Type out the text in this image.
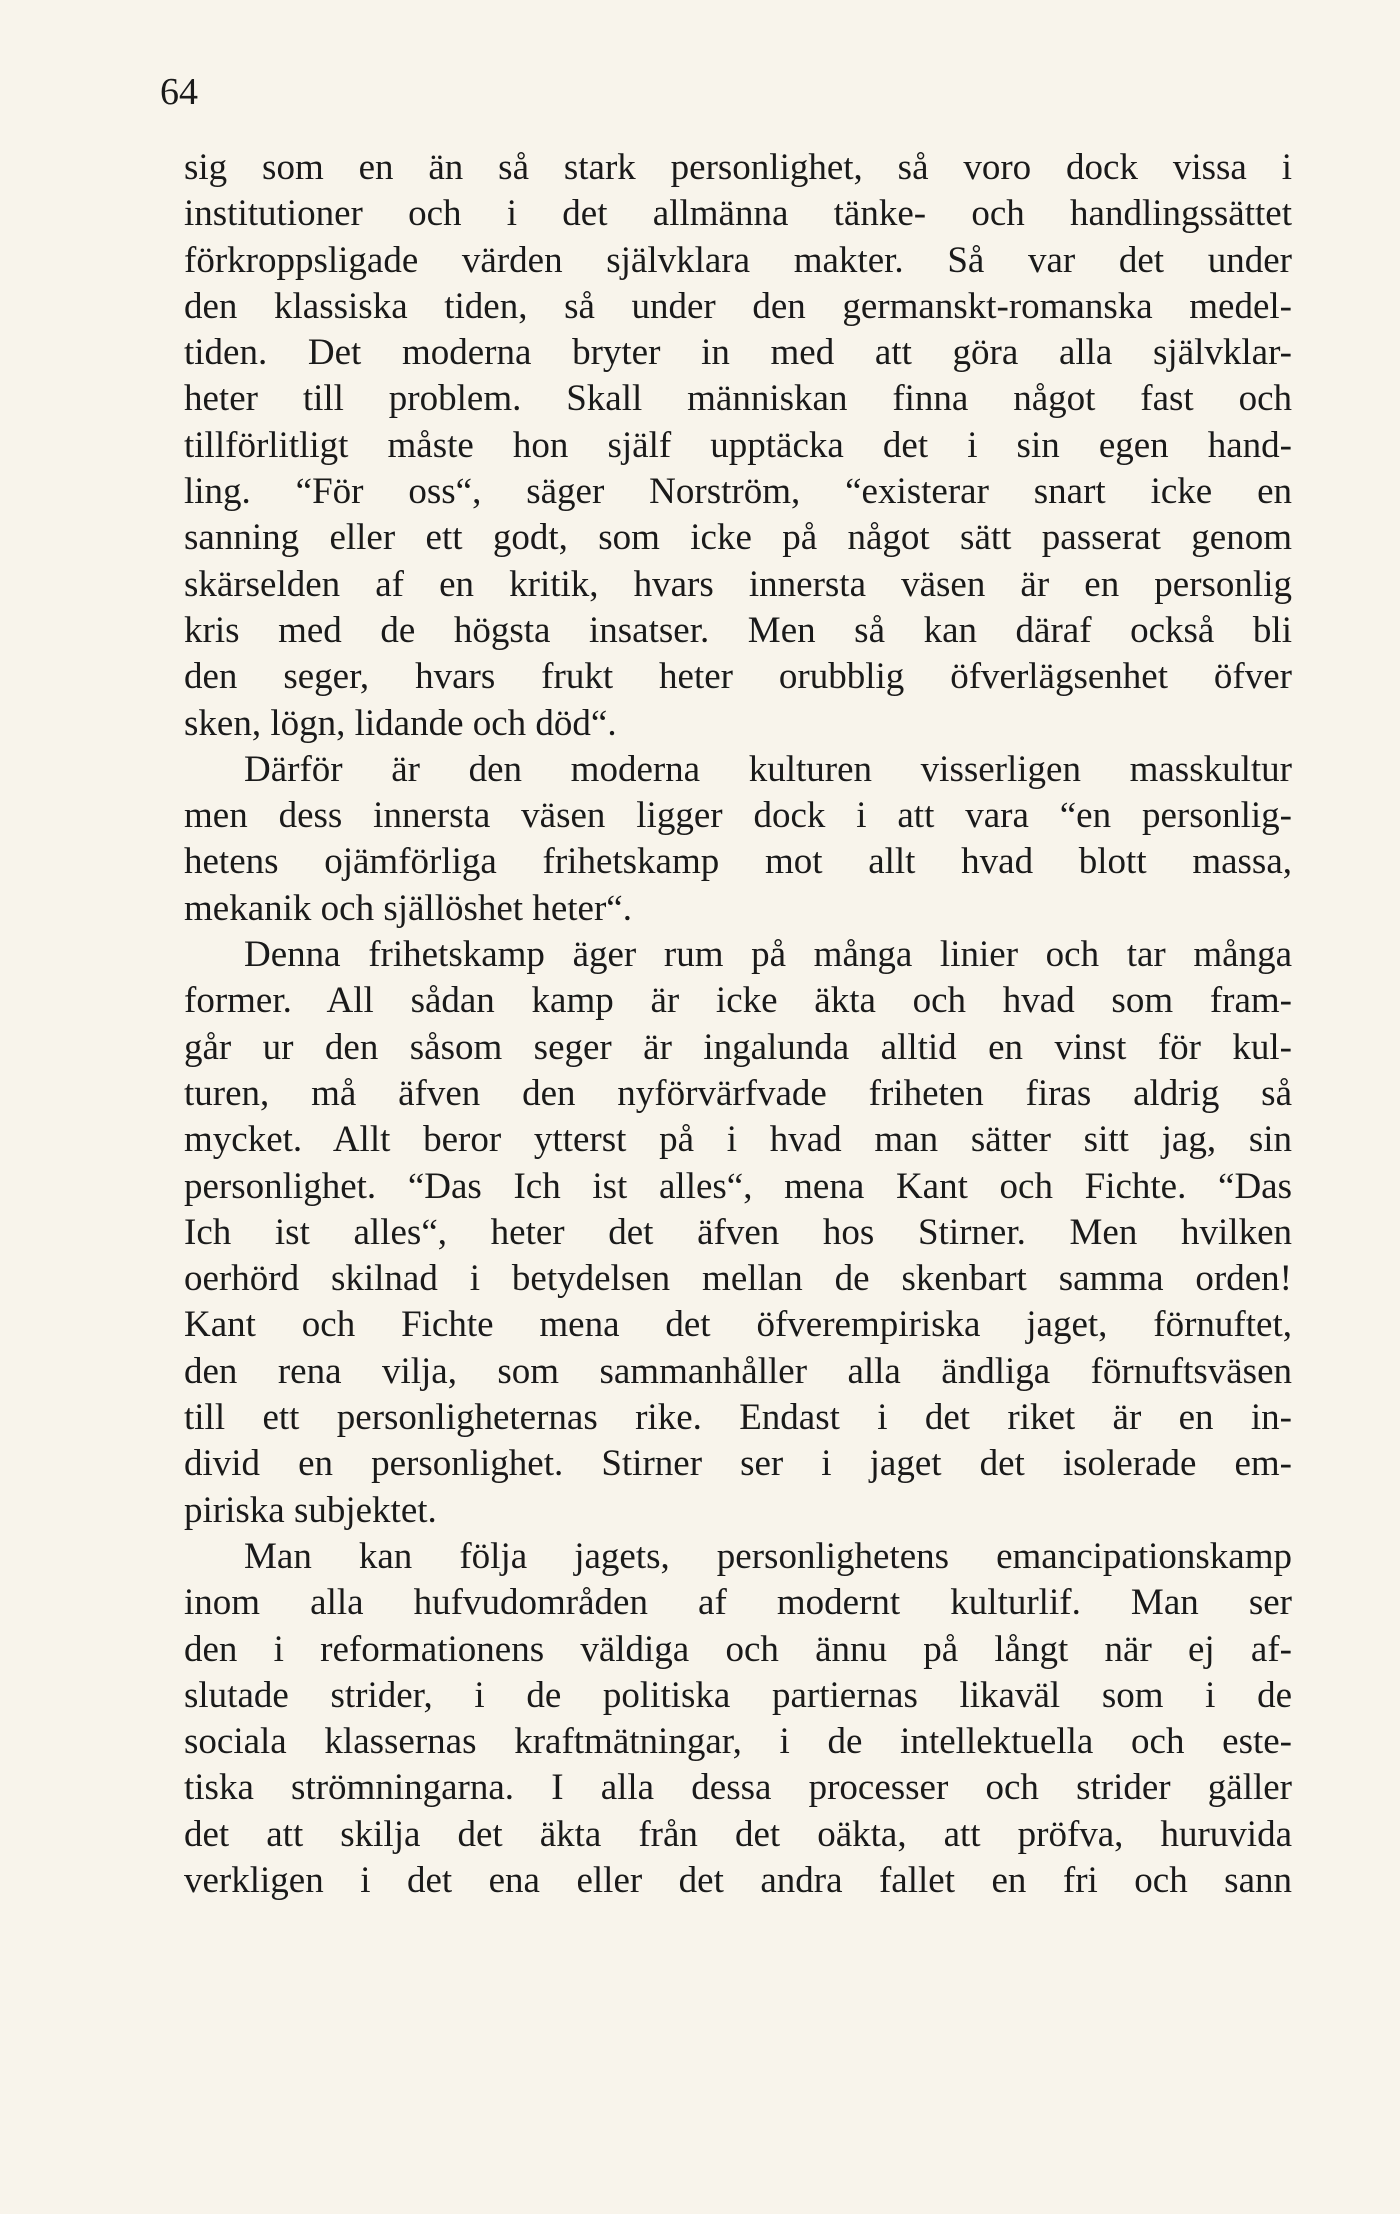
64
sig som en än så stark personlighet, så voro dock vissa i
institutioner och i det allmänna tänke- och handlingssättet
förkroppsligade värden självklara makter. Så var det under
den klassiska tiden, så under den germanskt-romanska medel-
tiden. Det moderna bryter in med att göra alla självklar-
heter till problem. Skall människan finna något fast och
tillförlitligt måste hon själf upptäcka det i sin egen hand-
ling. “För oss“, säger Norström, “existerar snart icke en
sanning eller ett godt, som icke på något sätt passerat genom
skärselden af en kritik, hvars innersta väsen är en personlig
kris med de högsta insatser. Men så kan däraf också bli
den seger, hvars frukt heter orubblig öfverlägsenhet öfver
sken, lögn, lidande och död“.
Därför är den moderna kulturen visserligen masskultur
men dess innersta väsen ligger dock i att vara “en personlig-
hetens ojämförliga frihetskamp mot allt hvad blott massa,
mekanik och själlöshet heter“.
Denna frihetskamp äger rum på många linier och tar många
former. All sådan kamp är icke äkta och hvad som fram-
går ur den såsom seger är ingalunda alltid en vinst för kul-
turen, må äfven den nyförvärfvade friheten firas aldrig så
mycket. Allt beror ytterst på i hvad man sätter sitt jag, sin
personlighet. “Das Ich ist alles“, mena Kant och Fichte. “Das
Ich ist alles“, heter det äfven hos Stirner. Men hvilken
oerhörd skilnad i betydelsen mellan de skenbart samma orden!
Kant och Fichte mena det öfverempiriska jaget, förnuftet,
den rena vilja, som sammanhåller alla ändliga förnuftsväsen
till ett personligheternas rike. Endast i det riket är en in-
divid en personlighet. Stirner ser i jaget det isolerade em-
piriska subjektet.
Man kan följa jagets, personlighetens emancipationskamp
inom alla hufvudområden af modernt kulturlif. Man ser
den i reformationens väldiga och ännu på långt när ej af-
slutade strider, i de politiska partiernas likaväl som i de
sociala klassernas kraftmätningar, i de intellektuella och este-
tiska strömningarna. I alla dessa processer och strider gäller
det att skilja det äkta från det oäkta, att pröfva, huruvida
verkligen i det ena eller det andra fallet en fri och sann
